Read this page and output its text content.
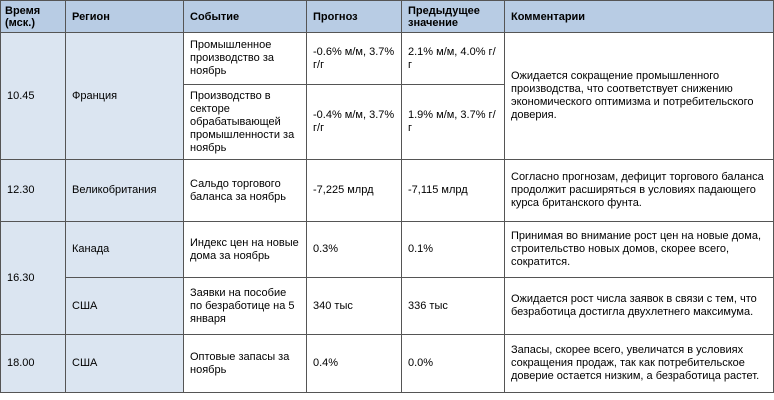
Время (мск.)	Регион	Событие	Прогноз	Предыдущее значение	Комментарии
10.45	Франция	Промышленное производство за ноябрь	-0.6% м/м, 3.7% г/г	2.1% м/м, 4.0% г/г	Ожидается сокращение промышленного производства, что соответствует снижению экономического оптимизма и потребительского доверия.
		Производство в секторе обрабатывающей промышленности за ноябрь	-0.4% м/м, 3.7% г/г	1.9% м/м, 3.7% г/г	
12.30	Великобритания	Сальдо торгового баланса за ноябрь	-7,225 млрд	-7,115 млрд	Согласно прогнозам, дефицит торгового баланса продолжит расширяться в условиях падающего курса британского фунта.
16.30	Канада	Индекс цен на новые дома за ноябрь	0.3%	0.1%	Принимая во внимание рост цен на новые дома, строительство новых домов, скорее всего, сократится.
	США	Заявки на пособие по безработице на 5 января	340 тыс	336 тыс	Ожидается рост числа заявок в связи с тем, что безработица достигла двухлетнего максимума.
18.00	США	Оптовые запасы за ноябрь	0.4%	0.0%	Запасы, скорее всего, увеличатся в условиях сокращения продаж, так как потребительское доверие остается низким, а безработица растет.
